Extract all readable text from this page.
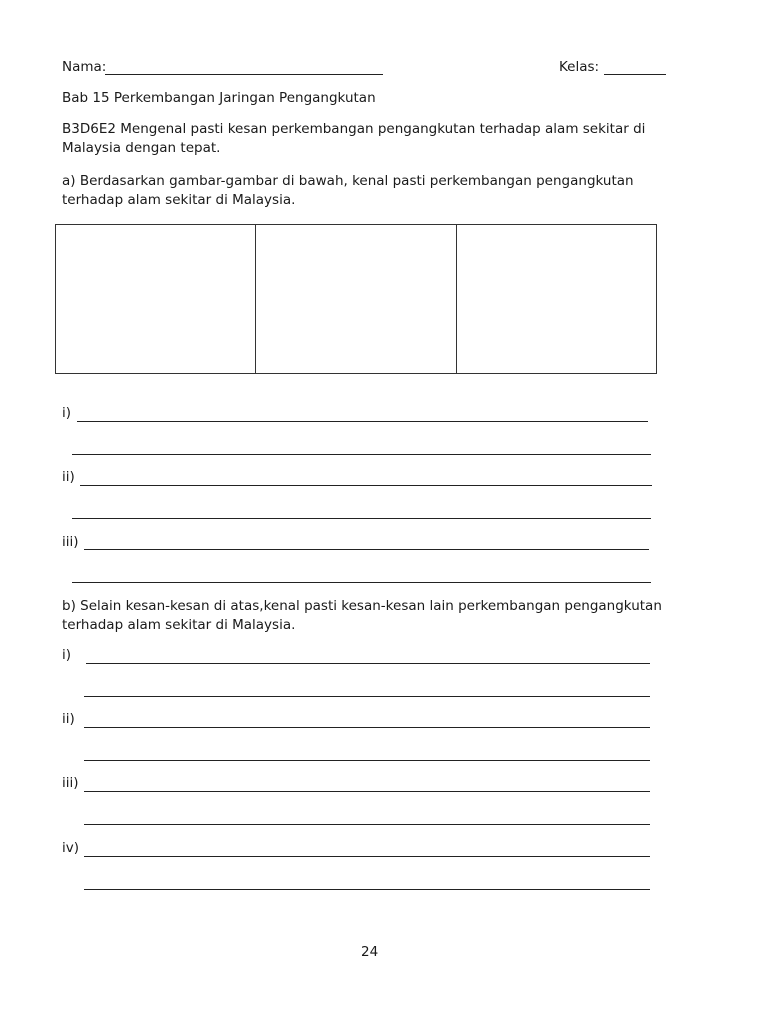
Nama:	Kelas:
Bab 15 Perkembangan Jaringan Pengangkutan
B3D6E2 Mengenal pasti kesan perkembangan pengangkutan terhadap alam sekitar di Malaysia dengan tepat.
a) Berdasarkan gambar-gambar di bawah, kenal pasti perkembangan pengangkutan terhadap alam sekitar di Malaysia.
i)
ii)
iii)
b) Selain kesan-kesan di atas,kenal pasti kesan-kesan lain perkembangan pengangkutan terhadap alam sekitar di Malaysia.
i)
ii)
iii)
iv)
24
